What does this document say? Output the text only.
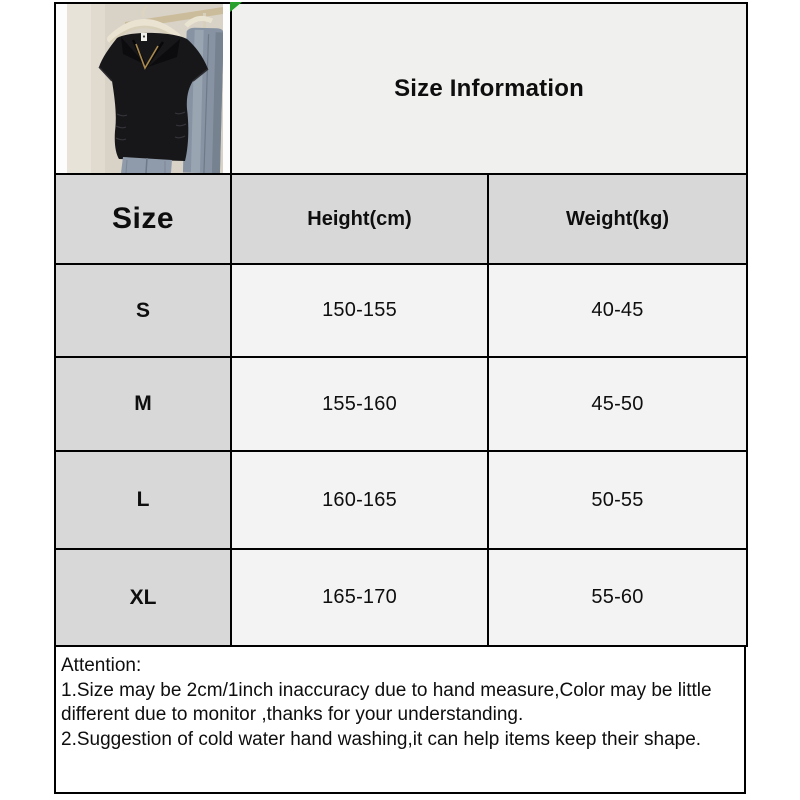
	Size Information	
Size	Height(cm)	Weight(kg)
S	150-155	40-45
M	155-160	45-50
L	160-165	50-55
XL	165-170	55-60
Attention:
1.Size may be 2cm/1inch inaccuracy due to hand measure,Color may be little
different due to monitor ,thanks for your understanding.
2.Suggestion of cold water hand washing,it can help items keep their shape.
